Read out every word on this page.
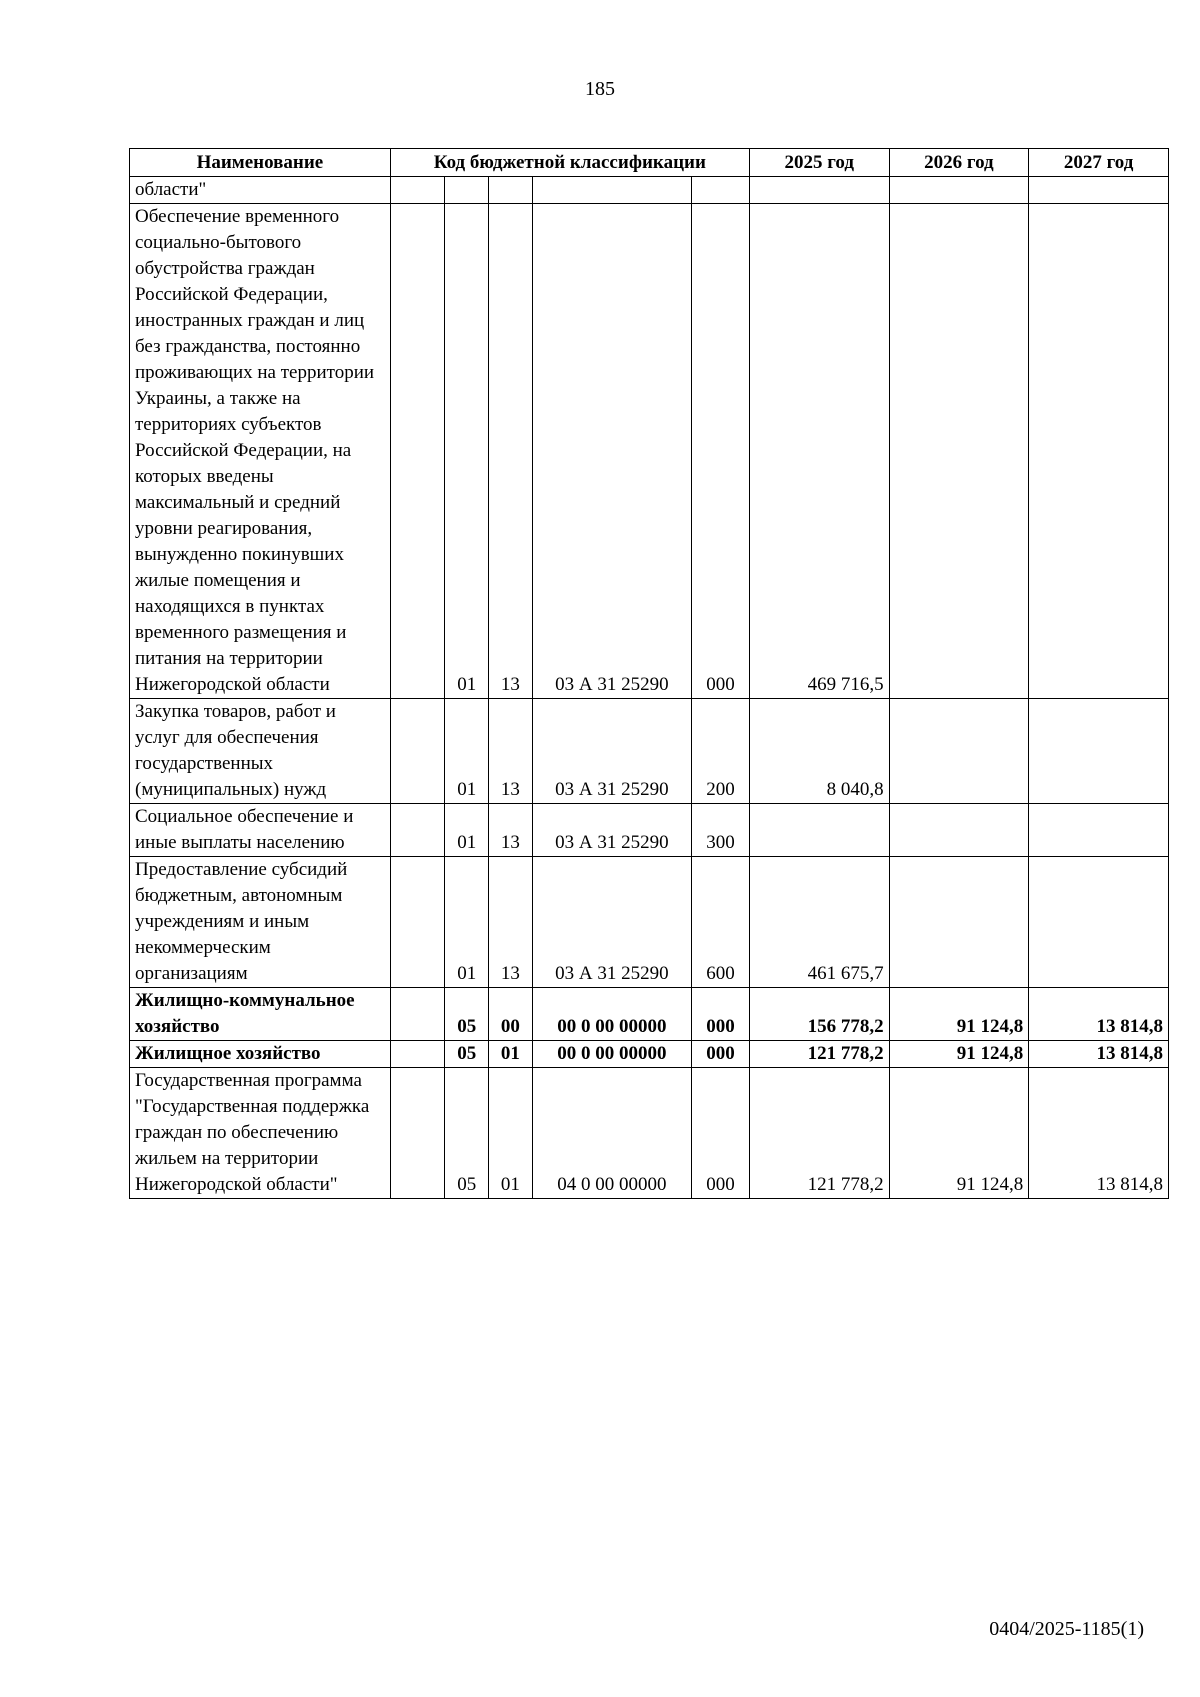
185
Наименование	Код бюджетной классификации					2025 год	2026 год	2027 год
области"								
Обеспечение временного социально-бытового обустройства граждан Российской Федерации, иностранных граждан и лиц без гражданства, постоянно проживающих на территории Украины, а также на территориях субъектов Российской Федерации, на которых введены максимальный и средний уровни реагирования, вынужденно покинувших жилые помещения и находящихся в пунктах временного размещения и питания на территории Нижегородской области		01	13	03 А 31 25290	000	469 716,5		
Закупка товаров, работ и услуг для обеспечения государственных (муниципальных) нужд		01	13	03 А 31 25290	200	8 040,8		
Социальное обеспечение и иные выплаты населению		01	13	03 А 31 25290	300			
Предоставление субсидий бюджетным, автономным учреждениям и иным некоммерческим организациям		01	13	03 А 31 25290	600	461 675,7		
Жилищно-коммунальное хозяйство		05	00	00 0 00 00000	000	156 778,2	91 124,8	13 814,8
Жилищное хозяйство		05	01	00 0 00 00000	000	121 778,2	91 124,8	13 814,8
Государственная программа "Государственная поддержка граждан по обеспечению жильем на территории Нижегородской области"		05	01	04 0 00 00000	000	121 778,2	91 124,8	13 814,8
0404/2025-1185(1)
